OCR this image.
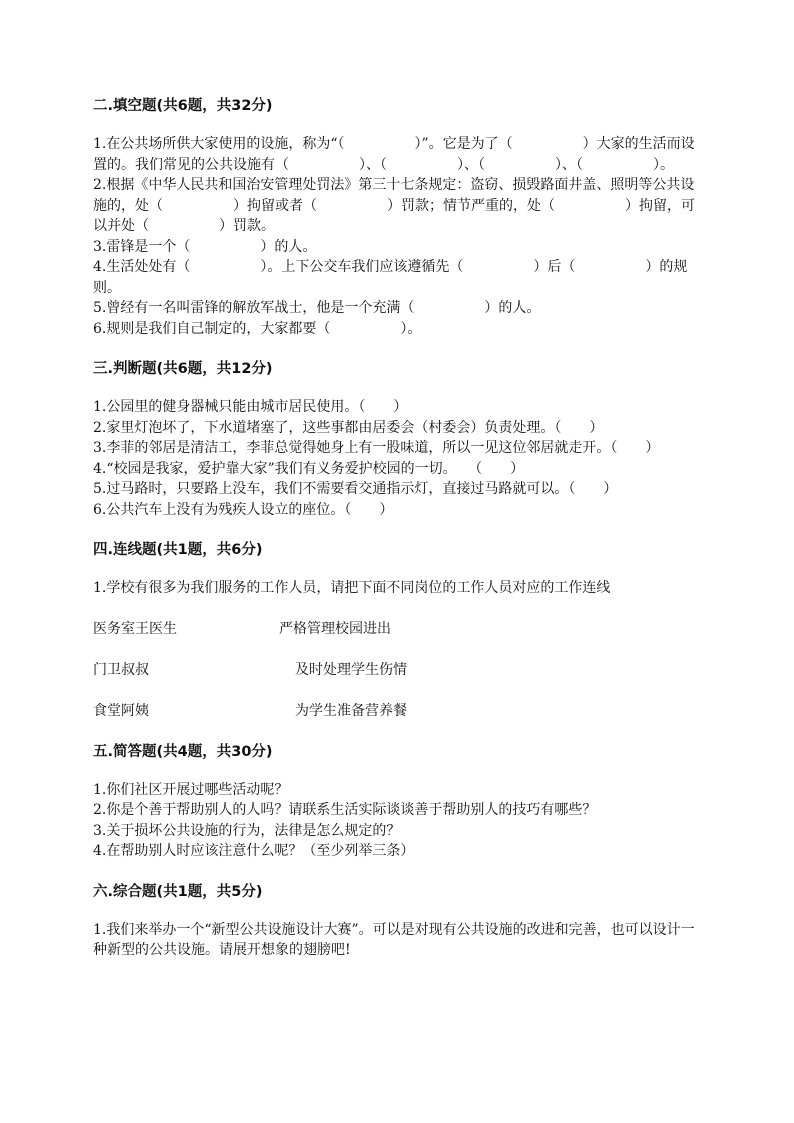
二.填空题(共6题，共32分)
1.在公共场所供大家使用的设施，称为“（　　　　　）”。它是为了（　　　　　）大家的生活而设置的。我们常见的公共设施有（　　　　　）、（　　　　　）、（　　　　　）、（　　　　　）。
2.根据《中华人民共和国治安管理处罚法》第三十七条规定：盗窃、损毁路面井盖、照明等公共设施的，处（　　　　　）拘留或者（　　　　　）罚款；情节严重的，处（　　　　　）拘留，可以并处（　　　　　）罚款。
3.雷锋是一个（　　　　　）的人。
4.生活处处有（　　　　　）。上下公交车我们应该遵循先（　　　　　）后（　　　　　）的规则。
5.曾经有一名叫雷锋的解放军战士，他是一个充满（　　　　　）的人。
6.规则是我们自己制定的，大家都要（　　　　　）。
三.判断题(共6题，共12分)
1.公园里的健身器械只能由城市居民使用。（　　）
2.家里灯泡坏了，下水道堵塞了，这些事都由居委会（村委会）负责处理。（　　）
3.李菲的邻居是清洁工，李菲总觉得她身上有一股味道，所以一见这位邻居就走开。（　　）
4.“校园是我家，爱护靠大家”我们有义务爱护校园的一切。　 （　　）
5.过马路时，只要路上没车，我们不需要看交通指示灯，直接过马路就可以。（　　）
6.公共汽车上没有为残疾人设立的座位。（　　）
四.连线题(共1题，共6分)
1.学校有很多为我们服务的工作人员，请把下面不同岗位的工作人员对应的工作连线
医务室王医生	严格管理校园进出
门卫叔叔	及时处理学生伤情
食堂阿姨	为学生准备营养餐
五.简答题(共4题，共30分)
1.你们社区开展过哪些活动呢？
2.你是个善于帮助别人的人吗？请联系生活实际谈谈善于帮助别人的技巧有哪些？
3.关于损坏公共设施的行为，法律是怎么规定的？
4.在帮助别人时应该注意什么呢？（至少列举三条）
六.综合题(共1题，共5分)
1.我们来举办一个“新型公共设施设计大赛”。可以是对现有公共设施的改进和完善，也可以设计一种新型的公共设施。请展开想象的翅膀吧!
